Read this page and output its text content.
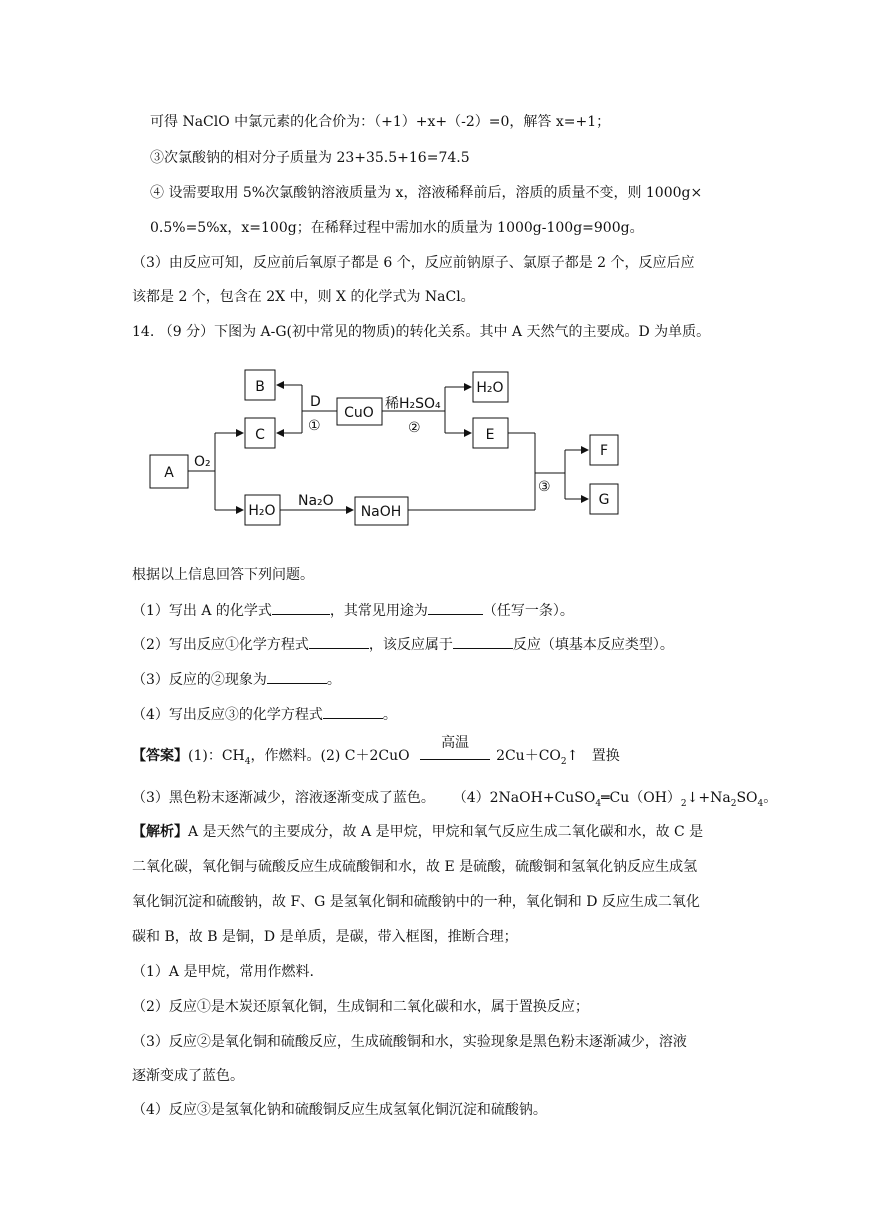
可得 NaClO 中氯元素的化合价为：（+1）+x+（-2）=0，解答 x=+1；
③次氯酸钠的相对分子质量为 23+35.5+16=74.5
④ 设需要取用 5%次氯酸钠溶液质量为 x，溶液稀释前后，溶质的质量不变，则 1000g×
0.5%=5%x，x=100g；在稀释过程中需加水的质量为 1000g-100g=900g。
（3）由反应可知，反应前后氧原子都是 6 个，反应前钠原子、氯原子都是 2 个，反应后应
该都是 2 个，包含在 2X 中，则 X 的化学式为 NaCl。
14. （9 分）下图为 A-G(初中常见的物质)的转化关系。其中 A 天然气的主要成。D 为单质。
A
B
C
CuO
H₂O
E
H₂O	NaOH
F
G
O₂
D
①
稀H₂SO₄
②
Na₂O
③
根据以上信息回答下列问题。
（1）写出 A 的化学式	，其常见用途为	（任写一条）。
（2）写出反应①化学方程式	，该反应属于	反应（填基本反应类型）。
（3）反应的②现象为	。
（4）写出反应③的化学方程式	。
【答案】(1)：$CH_4$，作燃料。(2) C＋2CuO
高温
$2Cu+CO_2↑$ 置换
（3）黑色粉末逐渐减少，溶液逐渐变成了蓝色。 $(4)2NaOH+CuSO_4═Cu(OH)_2↓+Na_2SO_4$。
【解析】A 是天然气的主要成分，故 A 是甲烷，甲烷和氧气反应生成二氧化碳和水，故 C 是
二氧化碳，氧化铜与硫酸反应生成硫酸铜和水，故 E 是硫酸，硫酸铜和氢氧化钠反应生成氢
氧化铜沉淀和硫酸钠，故 F、G 是氢氧化铜和硫酸钠中的一种，氧化铜和 D 反应生成二氧化
碳和 B，故 B 是铜，D 是单质，是碳，带入框图，推断合理；
（1）A 是甲烷，常用作燃料.
（2）反应①是木炭还原氧化铜，生成铜和二氧化碳和水，属于置换反应；
（3）反应②是氧化铜和硫酸反应，生成硫酸铜和水，实验现象是黑色粉末逐渐减少，溶液
逐渐变成了蓝色。
（4）反应③是氢氧化钠和硫酸铜反应生成氢氧化铜沉淀和硫酸钠。
